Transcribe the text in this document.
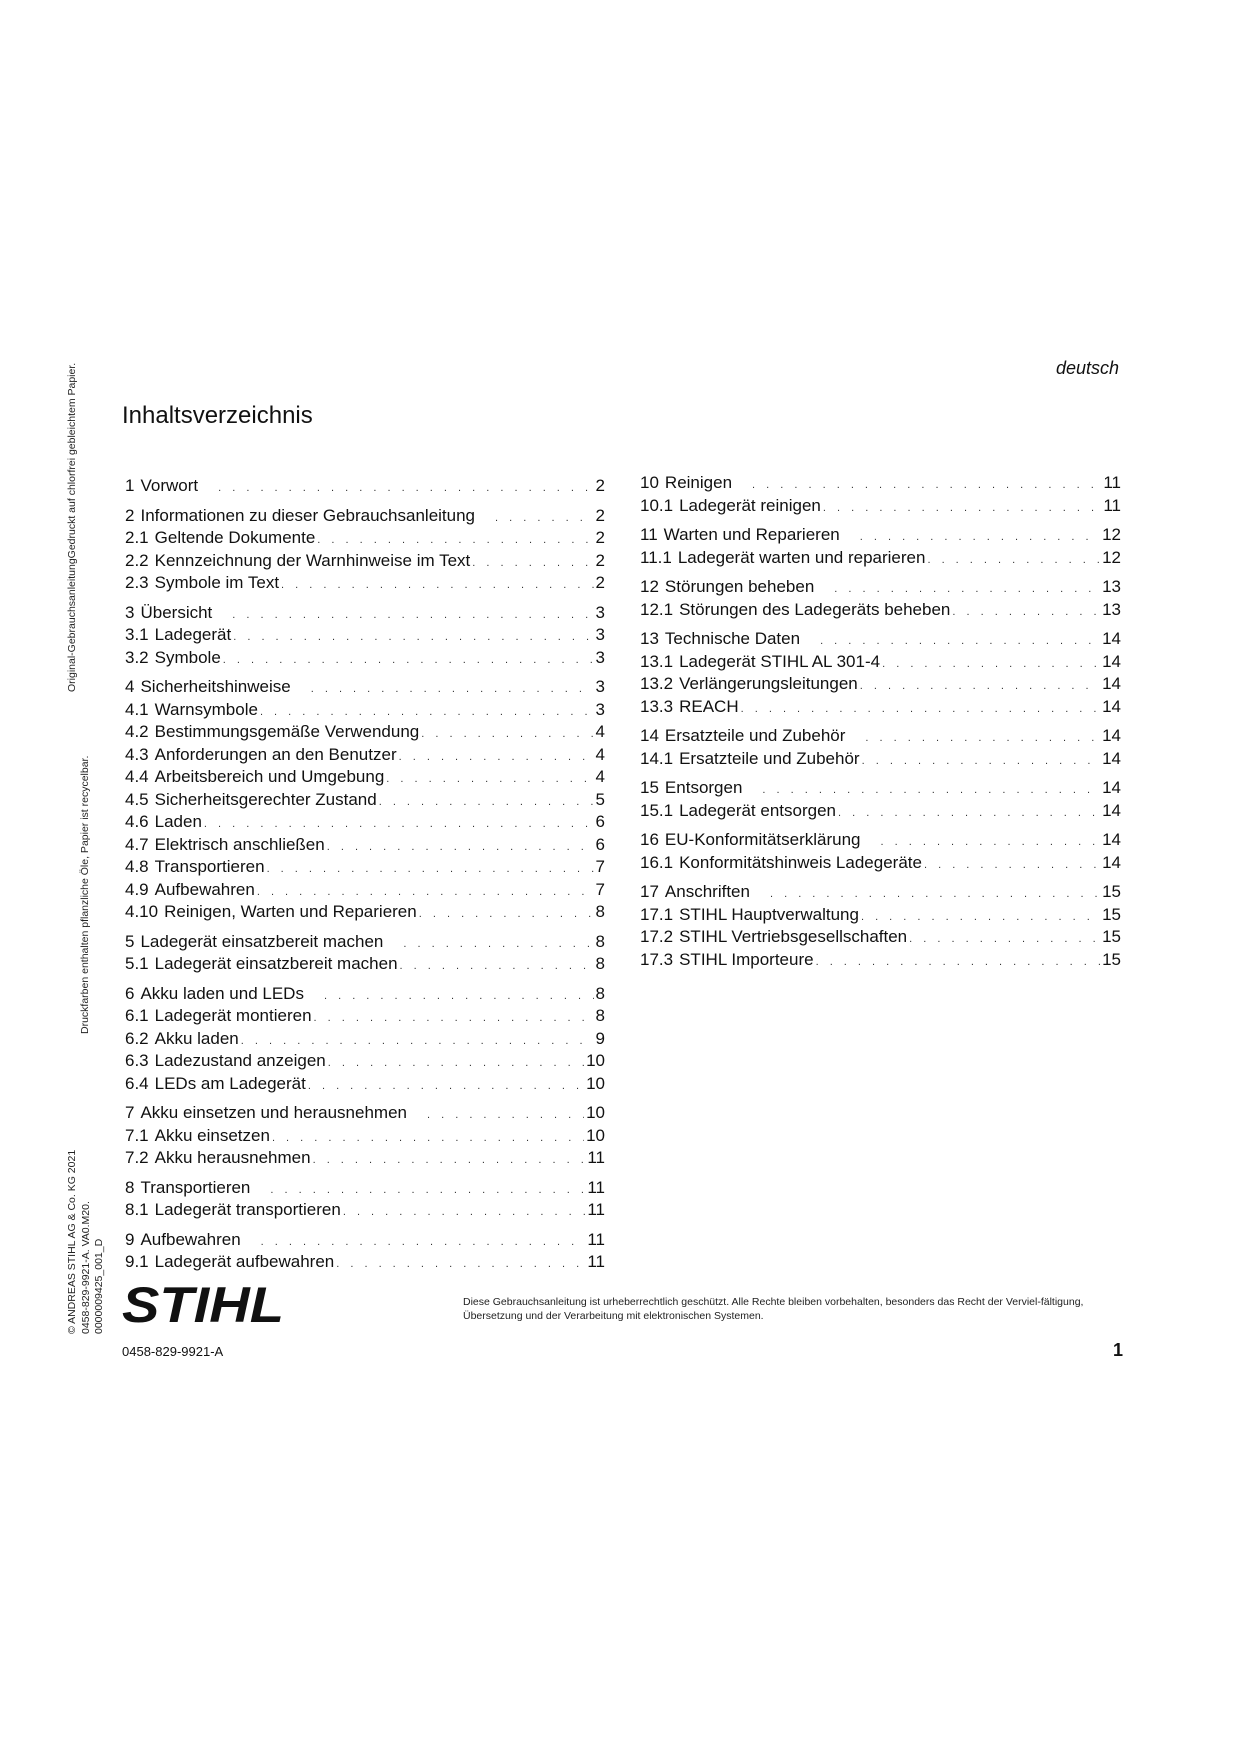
Original-GebrauchsanleitungGedruckt auf chlorfrei gebleichtem Papier.
Druckfarben enthalten pflanzliche Öle, Papier ist recycelbar.
© ANDREAS STIHL AG & Co. KG 2021 0458-829-9921-A. VA0.M20. 0000009425_001_D
deutsch
Inhaltsverzeichnis
1 Vorwort . . .	2
2 Informationen zu dieser Gebrauchsanleitung . . .	2
2.1 Geltende Dokumente . . .	2
2.2 Kennzeichnung der Warnhinweise im Text . . .	2
2.3 Symbole im Text . . .	2
3 Übersicht . . .	3
3.1 Ladegerät . . .	3
3.2 Symbole . . .	3
4 Sicherheitshinweise . . .	3
4.1 Warnsymbole . . .	3
4.2 Bestimmungsgemäße Verwendung . . .	4
4.3 Anforderungen an den Benutzer . . .	4
4.4 Arbeitsbereich und Umgebung . . .	4
4.5 Sicherheitsgerechter Zustand . . .	5
4.6 Laden . . .	6
4.7 Elektrisch anschließen . . .	6
4.8 Transportieren . . .	7
4.9 Aufbewahren . . .	7
4.10 Reinigen, Warten und Reparieren . . .	8
5 Ladegerät einsatzbereit machen . . .	8
5.1 Ladegerät einsatzbereit machen . . .	8
6 Akku laden und LEDs . . .	8
6.1 Ladegerät montieren . . .	8
6.2 Akku laden . . .	9
6.3 Ladezustand anzeigen . . .	10
6.4 LEDs am Ladegerät . . .	10
7 Akku einsetzen und herausnehmen . . .	10
7.1 Akku einsetzen . . .	10
7.2 Akku herausnehmen . . .	11
8 Transportieren . . .	11
8.1 Ladegerät transportieren . . .	11
9 Aufbewahren . . .	11
9.1 Ladegerät aufbewahren . . .	11
10 Reinigen . . .	11
10.1 Ladegerät reinigen . . .	11
11 Warten und Reparieren . . .	12
11.1 Ladegerät warten und reparieren . . .	12
12 Störungen beheben . . .	13
12.1 Störungen des Ladegeräts beheben . . .	13
13 Technische Daten . . .	14
13.1 Ladegerät STIHL AL 301-4 . . .	14
13.2 Verlängerungsleitungen . . .	14
13.3 REACH . . .	14
14 Ersatzteile und Zubehör . . .	14
14.1 Ersatzteile und Zubehör . . .	14
15 Entsorgen . . .	14
15.1 Ladegerät entsorgen . . .	14
16 EU-Konformitätserklärung . . .	14
16.1 Konformitätshinweis Ladegeräte . . .	14
17 Anschriften . . .	15
17.1 STIHL Hauptverwaltung . . .	15
17.2 STIHL Vertriebsgesellschaften . . .	15
17.3 STIHL Importeure . . .	15
STIHL	Diese Gebrauchsanleitung ist urheberrechtlich geschützt. Alle Rechte bleiben vorbehalten, besonders das Recht der Verviel-fältigung, Übersetzung und der Verarbeitung mit elektronischen Systemen.
0458-829-9921-A	1
